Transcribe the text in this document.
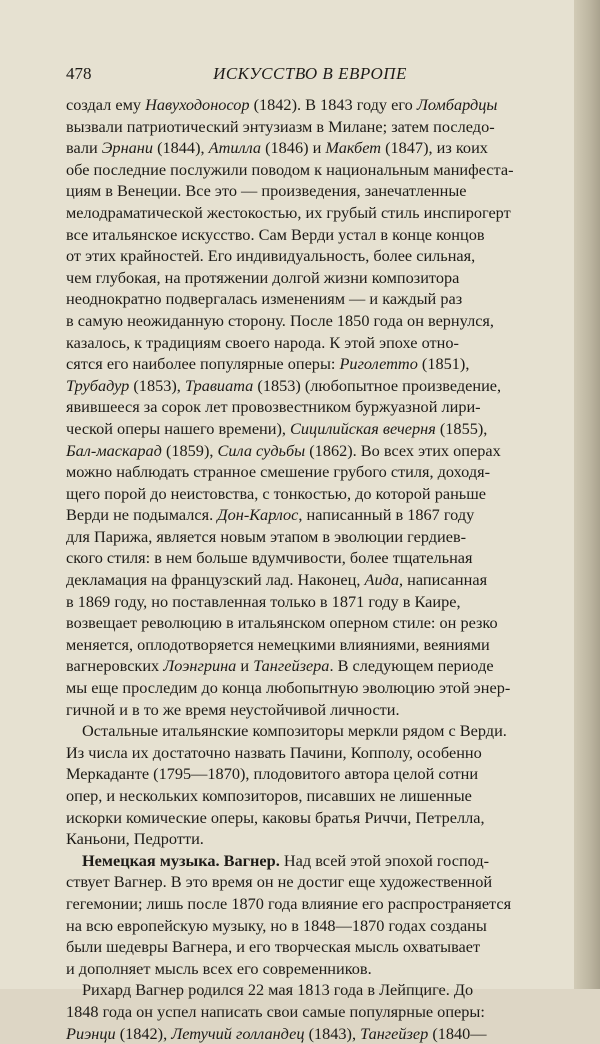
478	ИСКУССТВО В ЕВРОПЕ
создал ему Навуходоносор (1842). В 1843 году его Ломбардцы
вызвали патриотический энтузиазм в Милане; затем последо-
вали Эрнани (1844), Атилла (1846) и Макбет (1847), из коих
обе последние послужили поводом к национальным манифеста-
циям в Венеции. Все это — произведения, занечатленные
мелодраматической жестокостью, их грубый стиль инспирогерт
все итальянское искусство. Сам Верди устал в конце концов
от этих крайностей. Его индивидуальность, более сильная,
чем глубокая, на протяжении долгой жизни композитора
неоднократно подвергалась изменениям — и каждый раз
в самую неожиданную сторону. После 1850 года он вернулся,
казалось, к традициям своего народа. К этой эпохе отно-
сятся его наиболее популярные оперы: Риголетто (1851),
Трубадур (1853), Травиата (1853) (любопытное произведение,
явившееся за сорок лет провозвестником буржуазной лири-
ческой оперы нашего времени), Сицилийская вечерня (1855),
Бал-маскарад (1859), Сила судьбы (1862). Во всех этих операх
можно наблюдать странное смешение грубого стиля, доходя-
щего порой до неистовства, с тонкостью, до которой раньше
Верди не подымался. Дон-Карлос, написанный в 1867 году
для Парижа, является новым этапом в эволюции гердиев-
ского стиля: в нем больше вдумчивости, более тщательная
декламация на французский лад. Наконец, Аида, написанная
в 1869 году, но поставленная только в 1871 году в Каире,
возвещает революцию в итальянском оперном стиле: он резко
меняется, оплодотворяется немецкими влияниями, веяниями
вагнеровских Лоэнгрина и Тангейзера. В следующем периоде
мы еще проследим до конца любопытную эволюцию этой энер-
гичной и в то же время неустойчивой личности.
Остальные итальянские композиторы меркли рядом с Верди.
Из числа их достаточно назвать Пачини, Копполу, особенно
Меркаданте (1795—1870), плодовитого автора целой сотни
опер, и нескольких композиторов, писавших не лишенные
искорки комические оперы, каковы братья Риччи, Петрелла,
Каньони, Педротти.
Немецкая музыка. Вагнер. Над всей этой эпохой господ-
ствует Вагнер. В это время он не достиг еще художественной
гегемонии; лишь после 1870 года влияние его распространяется
на всю европейскую музыку, но в 1848—1870 годах созданы
были шедевры Вагнера, и его творческая мысль охватывает
и дополняет мысль всех его современников.
Рихард Вагнер родился 22 мая 1813 года в Лейпциге. До
1848 года он успел написать свои самые популярные оперы:
Риэнци (1842), Летучий голландец (1843), Тангейзер (1840—
